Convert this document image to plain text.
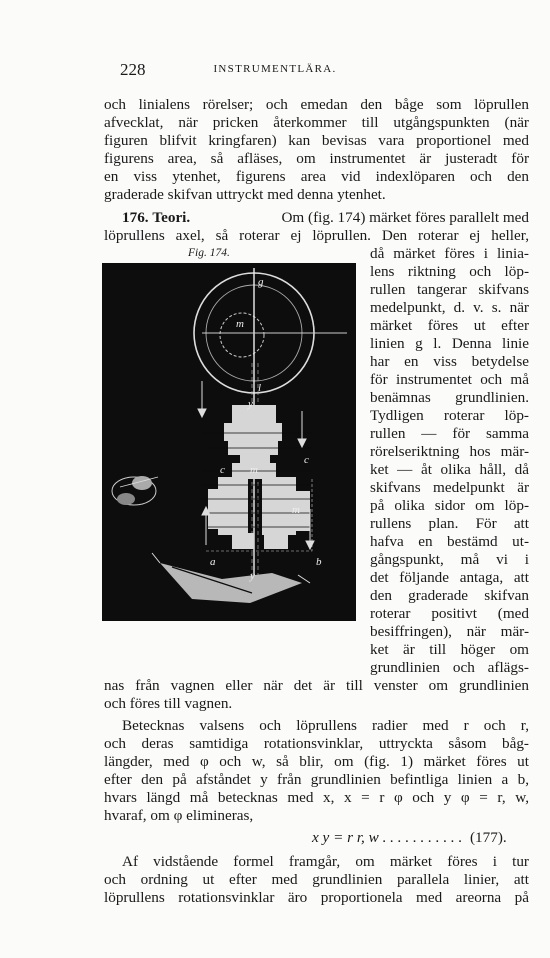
228	INSTRUMENTLÄRA.
och linialens rörelser; och emedan den båge som löprullen
afvecklat, när pricken återkommer till utgångspunkten (när
figuren blifvit kringfaren) kan bevisas vara proportionel med
figurens area, så afläses, om instrumentet är justeradt för
en viss ytenhet, figurens area vid indexlöparen och den
graderade skifvan uttryckt med denna ytenhet.
176. Teori.	Om (fig. 174) märket föres parallelt med
löprullens axel, så roterar ej löprullen. Den roterar ej heller,
Fig. 174.
m
y
g
l
c
c
m
m
a	b
y
då märket föres i linia-
lens riktning och löp-
rullen tangerar skifvans
medelpunkt, d. v. s. när
märket föres ut efter
linien g l. Denna linie
har en viss betydelse
för instrumentet och må
benämnas grundlinien.
Tydligen roterar löp-
rullen — för samma
rörelseriktning hos mär-
ket — åt olika håll, då
skifvans medelpunkt är
på olika sidor om löp-
rullens plan. För att
hafva en bestämd ut-
gångspunkt, må vi i
det följande antaga, att
den graderade skifvan
roterar positivt (med
besiffringen), när mär-
ket är till höger om
grundlinien och aflägs-
nas från vagnen eller när det är till venster om grundlinien
och föres till vagnen.
Betecknas valsens och löprullens radier med r och r,
och deras samtidiga rotationsvinklar, uttryckta såsom båg-
längder, med φ och w, så blir, om (fig. 1) märket föres ut
efter den på afståndet y från grundlinien befintliga linien a b,
hvars längd må betecknas med x, x = r φ och y φ = r, w,
hvaraf, om φ elimineras,
x y = r r, w . . . . . . . . . . . (177).
Af vidstående formel framgår, om märket föres i tur
och ordning ut efter med grundlinien parallela linier, att
löprullens rotationsvinklar äro proportionela med areorna på
